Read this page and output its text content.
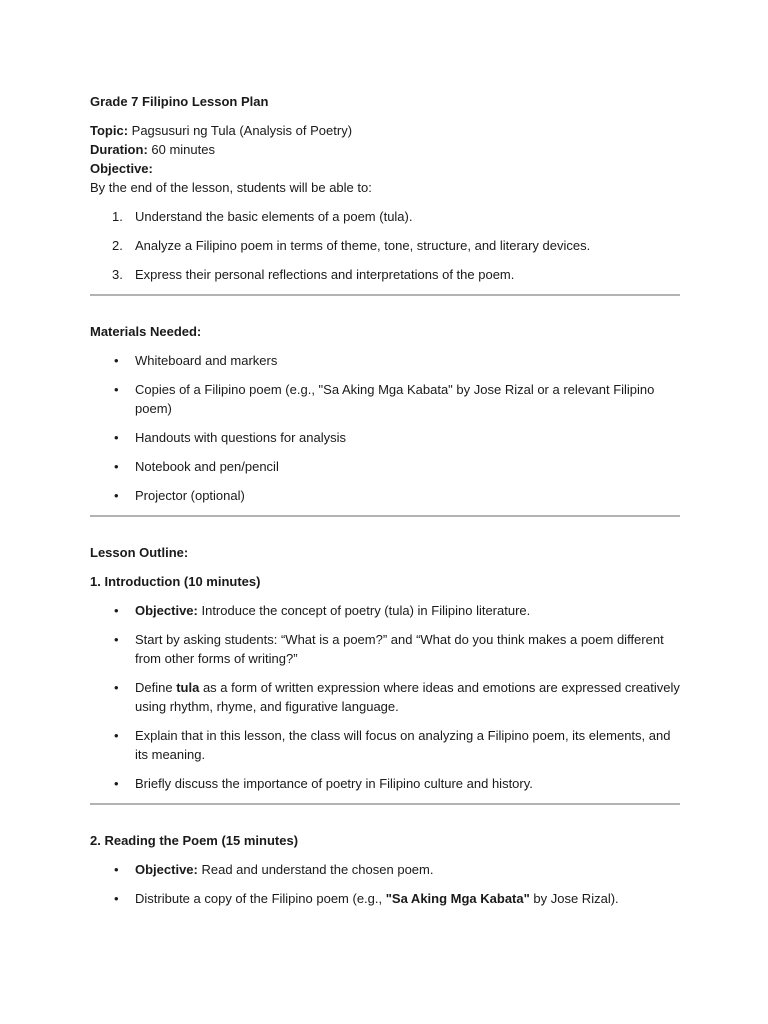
Grade 7 Filipino Lesson Plan

Topic: Pagsusuri ng Tula (Analysis of Poetry)

Duration: 60 minutes

Objective:

By the end of the lesson, students will be able to:

1. Understand the basic elements of a poem (tula).
2. Analyze a Filipino poem in terms of theme, tone, structure, and literary devices.
3. Express their personal reflections and interpretations of the poem.

Materials Needed:

• Whiteboard and markers
• Copies of a Filipino poem (e.g., "Sa Aking Mga Kabata" by Jose Rizal or a relevant Filipino poem)
• Handouts with questions for analysis
• Notebook and pen/pencil
• Projector (optional)

Lesson Outline:

1. Introduction (10 minutes)

• Objective: Introduce the concept of poetry (tula) in Filipino literature.
• Start by asking students: “What is a poem?” and “What do you think makes a poem different from other forms of writing?”
• Define tula as a form of written expression where ideas and emotions are expressed creatively using rhythm, rhyme, and figurative language.
• Explain that in this lesson, the class will focus on analyzing a Filipino poem, its elements, and its meaning.
• Briefly discuss the importance of poetry in Filipino culture and history.

2. Reading the Poem (15 minutes)

• Objective: Read and understand the chosen poem.
• Distribute a copy of the Filipino poem (e.g., "Sa Aking Mga Kabata" by Jose Rizal).
